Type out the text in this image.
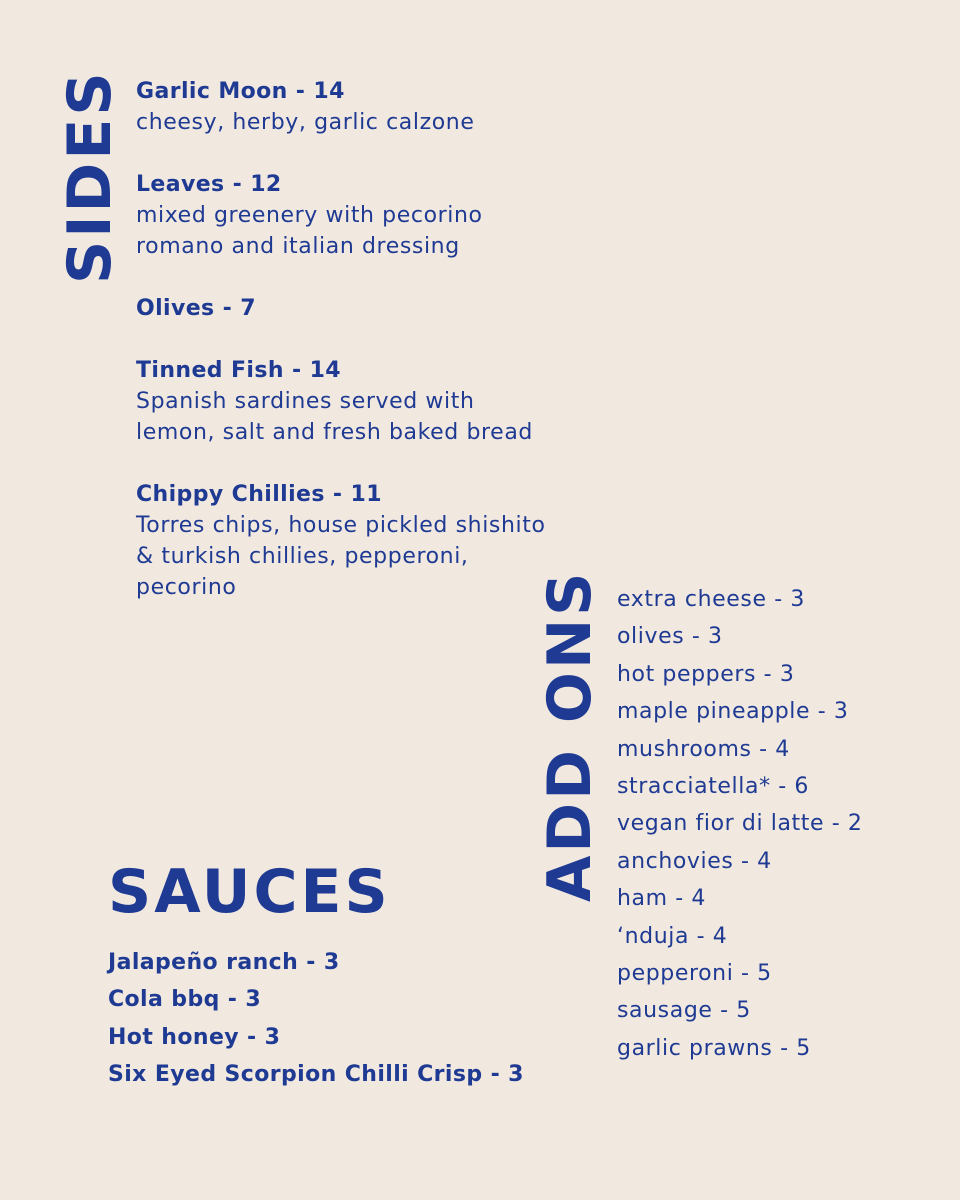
SIDES Garlic Moon - 14
cheesy, herby, garlic calzone
Leaves - 12
mixed greenery with pecorino
romano and italian dressing
Olives - 7
Tinned Fish - 14
Spanish sardines served with
lemon, salt and fresh baked bread
Chippy Chillies - 11
Torres chips, house pickled shishito
& turkish chillies, pepperoni,
pecorino	ADD ONS extra cheese - 3
olives - 3
hot peppers - 3
maple pineapple - 3
mushrooms - 4
stracciatella* - 6
vegan fior di latte - 2
anchovies - 4
ham - 4
‘nduja - 4
pepperoni - 5
sausage - 5
garlic prawns - 5
SAUCES
Jalapeño ranch - 3
Cola bbq - 3
Hot honey - 3
Six Eyed Scorpion Chilli Crisp - 3
